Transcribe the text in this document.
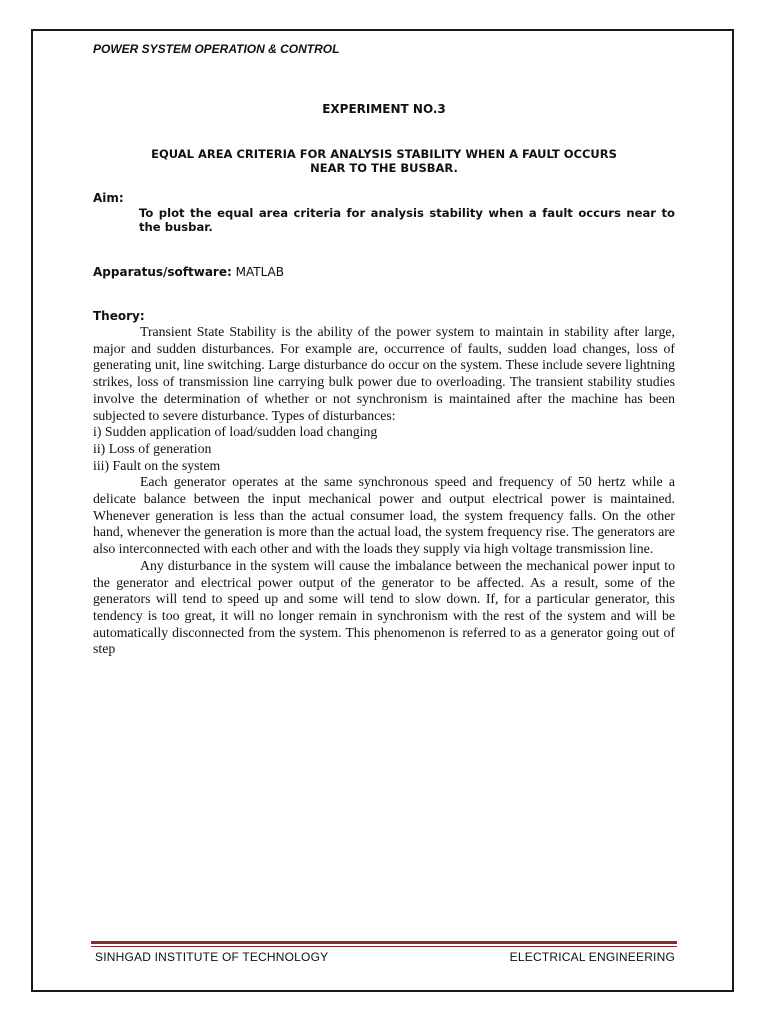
POWER SYSTEM OPERATION & CONTROL
EXPERIMENT NO.3
EQUAL AREA CRITERIA FOR ANALYSIS STABILITY WHEN A FAULT OCCURS
NEAR TO THE BUSBAR.
Aim:
To plot the equal area criteria for analysis stability when a fault occurs near to the busbar.
Apparatus/software: MATLAB
Theory:

Transient State Stability is the ability of the power system to maintain in stability after large, major and sudden disturbances. For example are, occurrence of faults, sudden load changes, loss of generating unit, line switching. Large disturbance do occur on the system. These include severe lightning strikes, loss of transmission line carrying bulk power due to overloading. The transient stability studies involve the determination of whether or not synchronism is maintained after the machine has been subjected to severe disturbance. Types of disturbances:

i) Sudden application of load/sudden load changing

ii) Loss of generation

iii) Fault on the system

Each generator operates at the same synchronous speed and frequency of 50 hertz while a delicate balance between the input mechanical power and output electrical power is maintained. Whenever generation is less than the actual consumer load, the system frequency falls. On the other hand, whenever the generation is more than the actual load, the system frequency rise. The generators are also interconnected with each other and with the loads they supply via high voltage transmission line.

Any disturbance in the system will cause the imbalance between the mechanical power input to the generator and electrical power output of the generator to be affected. As a result, some of the generators will tend to speed up and some will tend to slow down. If, for a particular generator, this tendency is too great, it will no longer remain in synchronism with the rest of the system and will be automatically disconnected from the system. This phenomenon is referred to as a generator going out of step

SINHGAD INSTITUTE OF TECHNOLOGY	ELECTRICAL ENGINEERING
